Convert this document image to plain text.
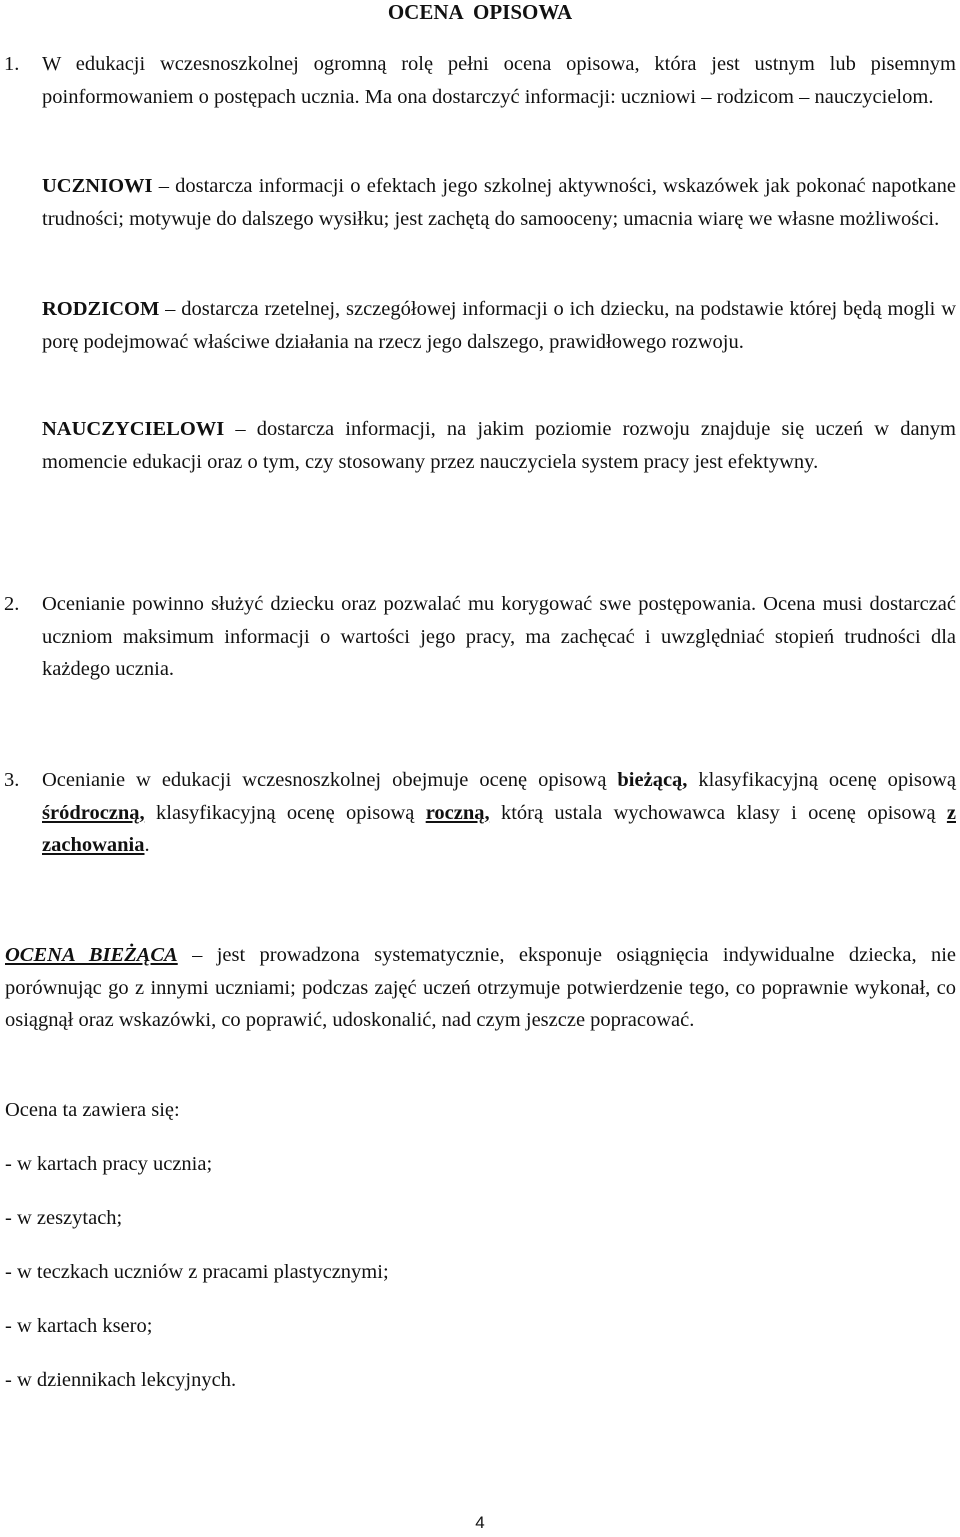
OCENA  OPISOWA
1. W edukacji wczesnoszkolnej ogromną rolę pełni ocena opisowa, która jest ustnym lub pisemnym poinformowaniem o postępach ucznia. Ma ona dostarczyć informacji: uczniowi – rodzicom – nauczycielom.

UCZNIOWI – dostarcza informacji o efektach jego szkolnej aktywności, wskazówek jak pokonać napotkane trudności; motywuje do dalszego wysiłku; jest zachętą do samooceny; umacnia wiarę we własne możliwości.

RODZICOM – dostarcza rzetelnej, szczegółowej informacji o ich dziecku, na podstawie której będą mogli w porę podejmować właściwe działania na rzecz jego dalszego, prawidłowego rozwoju.

NAUCZYCIELOWI – dostarcza informacji, na jakim poziomie rozwoju znajduje się uczeń w danym momencie edukacji oraz o tym, czy stosowany przez nauczyciela system pracy jest efektywny.

2. Ocenianie powinno służyć dziecku oraz pozwalać mu korygować swe postępowania. Ocena musi dostarczać uczniom maksimum informacji o wartości jego pracy, ma zachęcać i uwzględniać stopień trudności dla każdego ucznia.

3. Ocenianie w edukacji wczesnoszkolnej obejmuje ocenę opisową bieżącą, klasyfikacyjną ocenę opisową śródroczną, klasyfikacyjną ocenę opisową roczną, którą ustala wychowawca klasy i ocenę opisową z zachowania.

OCENA BIEŻĄCA – jest prowadzona systematycznie, eksponuje osiągnięcia indywidualne dziecka, nie porównując go z innymi uczniami; podczas zajęć uczeń otrzymuje potwierdzenie tego, co poprawnie wykonał, co osiągnął oraz wskazówki, co poprawić, udoskonalić, nad czym jeszcze popracować.

Ocena ta zawiera się:

- w kartach pracy ucznia;

- w zeszytach;

- w teczkach uczniów z pracami plastycznymi;

- w kartach ksero;

- w dziennikach lekcyjnych.

4
